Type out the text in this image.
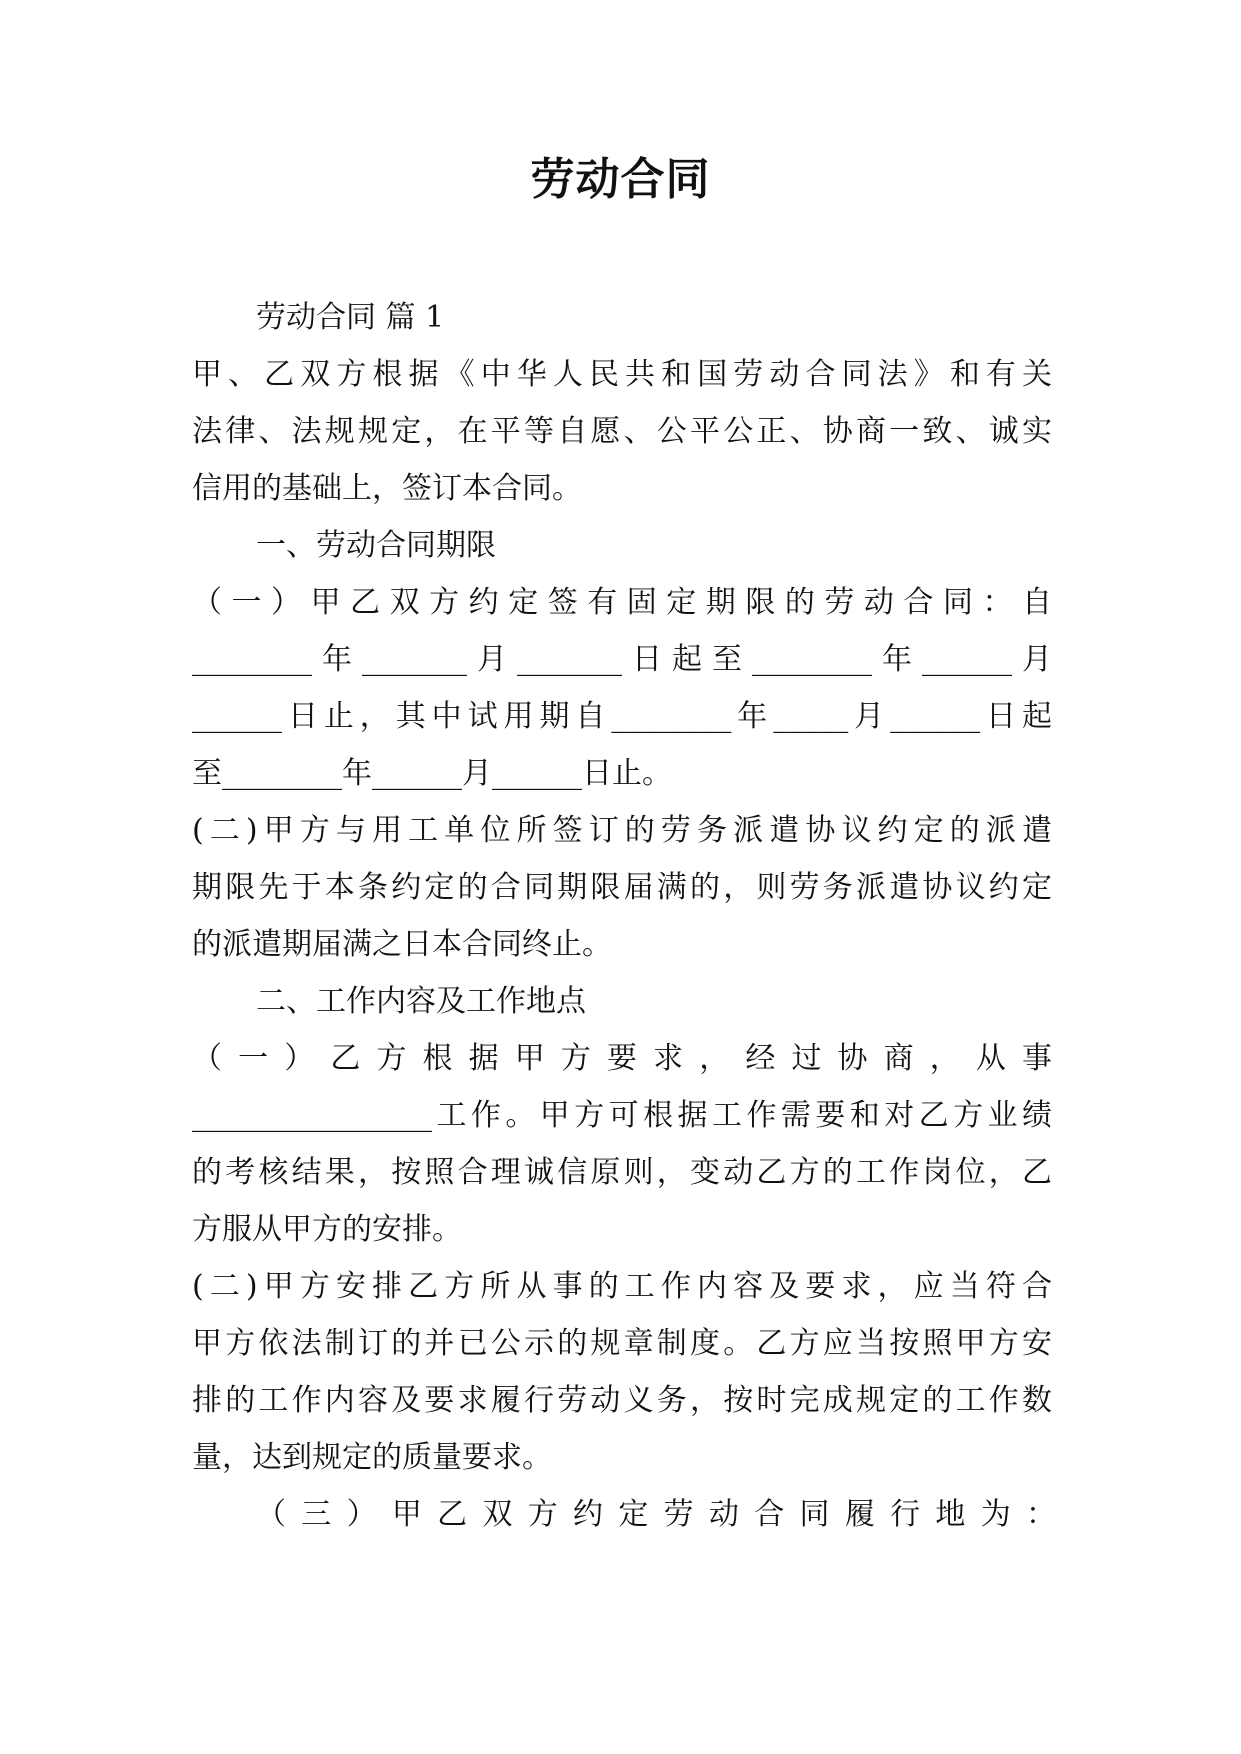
劳动合同
劳动合同 篇 1
甲、乙双方根据《中华人民共和国劳动合同法》和有关
法律、法规规定，在平等自愿、公平公正、协商一致、诚实
信用的基础上，签订本合同。
一、劳动合同期限
（一）甲乙双方约定签有固定期限的劳动合同：自
________年_______月_______日起至________年______月
______日止，其中试用期自________年_____月______日起
至________年______月______日止。
(二)甲方与用工单位所签订的劳务派遣协议约定的派遣
期限先于本条约定的合同期限届满的，则劳务派遣协议约定
的派遣期届满之日本合同终止。
二、工作内容及工作地点
（一）乙方根据甲方要求，经过协商，从事
________________工作。甲方可根据工作需要和对乙方业绩
的考核结果，按照合理诚信原则，变动乙方的工作岗位，乙
方服从甲方的安排。
(二)甲方安排乙方所从事的工作内容及要求，应当符合
甲方依法制订的并已公示的规章制度。乙方应当按照甲方安
排的工作内容及要求履行劳动义务，按时完成规定的工作数
量，达到规定的质量要求。
（三）甲乙双方约定劳动合同履行地为：
